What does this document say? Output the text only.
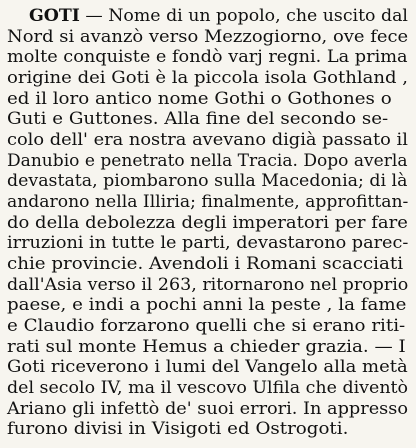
GOTI — Nome di un popolo, che uscito dal
Nord si avanzò verso Mezzogiorno, ove fece
molte conquiste e fondò varj regni. La prima
origine dei Goti è la piccola isola Gothland ,
ed il loro antico nome Gothi o Gothones o
Guti e Guttones. Alla fine del secondo se-
colo dell' era nostra avevano digià passato il
Danubio e penetrato nella Tracia. Dopo averla
devastata, piombarono sulla Macedonia; di là
andarono nella Illiria; finalmente, approfittan-
do della debolezza degli imperatori per fare
irruzioni in tutte le parti, devastarono pareс-
chie provincie. Avendoli i Romani scacciati
dall'Asia verso il 263, ritornarono nel proprio
paese, e indi a pochi anni la peste , la fame
e Claudio forzarono quelli che si erano riti-
rati sul monte Hemus a chieder grazia. — I
Goti riceverono i lumi del Vangelo alla metà
del secolo IV, ma il vescovo Ulfila che diventò
Ariano gli infettò de' suoi errori. In appresso
furono divisi in Visigoti ed Ostrogoti.
